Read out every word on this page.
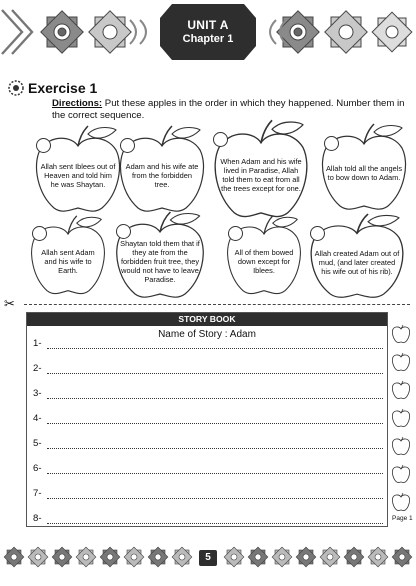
UNIT A
Chapter 1
Exercise 1

Directions: Put these apples in the order in which they happened. Number them in the correct sequence.

Allah sent Iblees out of Heaven and told him he was Shaytan.
Adam and his wife ate from the forbidden tree.
When Adam and his wife lived in Paradise, Allah told them to eat from all the trees except for one.
Allah told all the angels to bow down to Adam.
Allah sent Adam and his wife to Earth.
Shaytan told them that if they ate from the forbidden fruit tree, they would not have to leave Paradise.
All of them bowed down except for Iblees.
Allah created Adam out of mud, (and later created his wife out of his rib).
✂
STORY BOOK
Name of Story : Adam
1-
2-
3-
4-
5-
6-
7-
8-	Page 1
5
